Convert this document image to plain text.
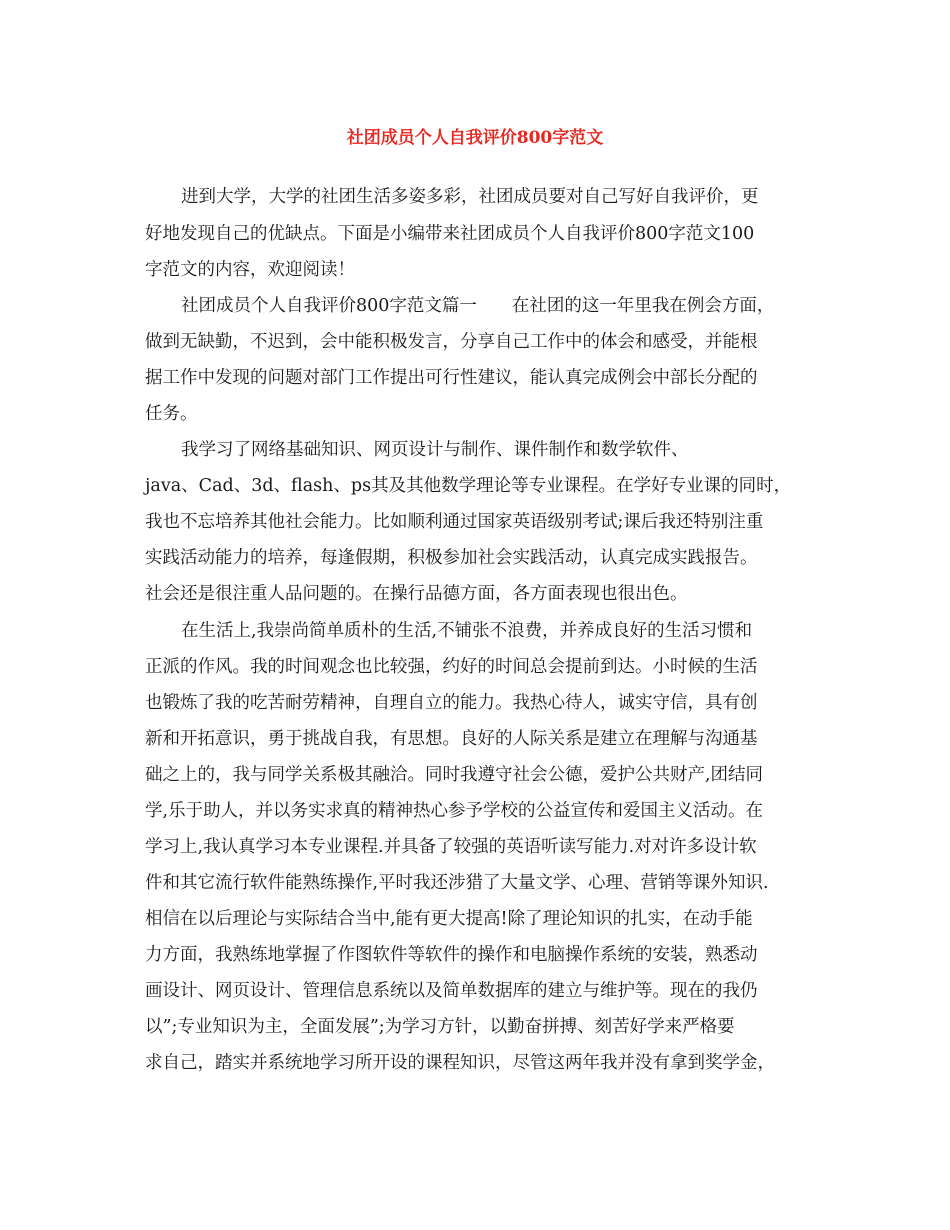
社团成员个人自我评价800字范文
进到大学，大学的社团生活多姿多彩，社团成员要对自己写好自我评价，更
好地发现自己的优缺点。下面是小编带来社团成员个人自我评价800字范文100
字范文的内容，欢迎阅读！
社团成员个人自我评价800字范文篇一　　在社团的这一年里我在例会方面，
做到无缺勤，不迟到，会中能积极发言，分享自己工作中的体会和感受，并能根
据工作中发现的问题对部门工作提出可行性建议，能认真完成例会中部长分配的
任务。
我学习了网络基础知识、网页设计与制作、课件制作和数学软件、
java、Cad、3d、flash、ps其及其他数学理论等专业课程。在学好专业课的同时，
我也不忘培养其他社会能力。比如顺利通过国家英语级别考试;课后我还特别注重
实践活动能力的培养，每逢假期，积极参加社会实践活动，认真完成实践报告。
社会还是很注重人品问题的。在操行品德方面，各方面表现也很出色。
在生活上,我崇尚简单质朴的生活,不铺张不浪费，并养成良好的生活习惯和
正派的作风。我的时间观念也比较强，约好的时间总会提前到达。小时候的生活
也锻炼了我的吃苦耐劳精神，自理自立的能力。我热心待人，诚实守信，具有创
新和开拓意识，勇于挑战自我，有思想。良好的人际关系是建立在理解与沟通基
础之上的，我与同学关系极其融洽。同时我遵守社会公德，爱护公共财产,团结同
学,乐于助人，并以务实求真的精神热心参予学校的公益宣传和爱国主义活动。在
学习上,我认真学习本专业课程.并具备了较强的英语听读写能力.对对许多设计软
件和其它流行软件能熟练操作,平时我还涉猎了大量文学、心理、营销等课外知识.
相信在以后理论与实际结合当中,能有更大提高!除了理论知识的扎实，在动手能
力方面，我熟练地掌握了作图软件等软件的操作和电脑操作系统的安装，熟悉动
画设计、网页设计、管理信息系统以及简单数据库的建立与维护等。现在的我仍
以”;专业知识为主，全面发展”;为学习方针，以勤奋拼搏、刻苦好学来严格要
求自己，踏实并系统地学习所开设的课程知识，尽管这两年我并没有拿到奖学金，
